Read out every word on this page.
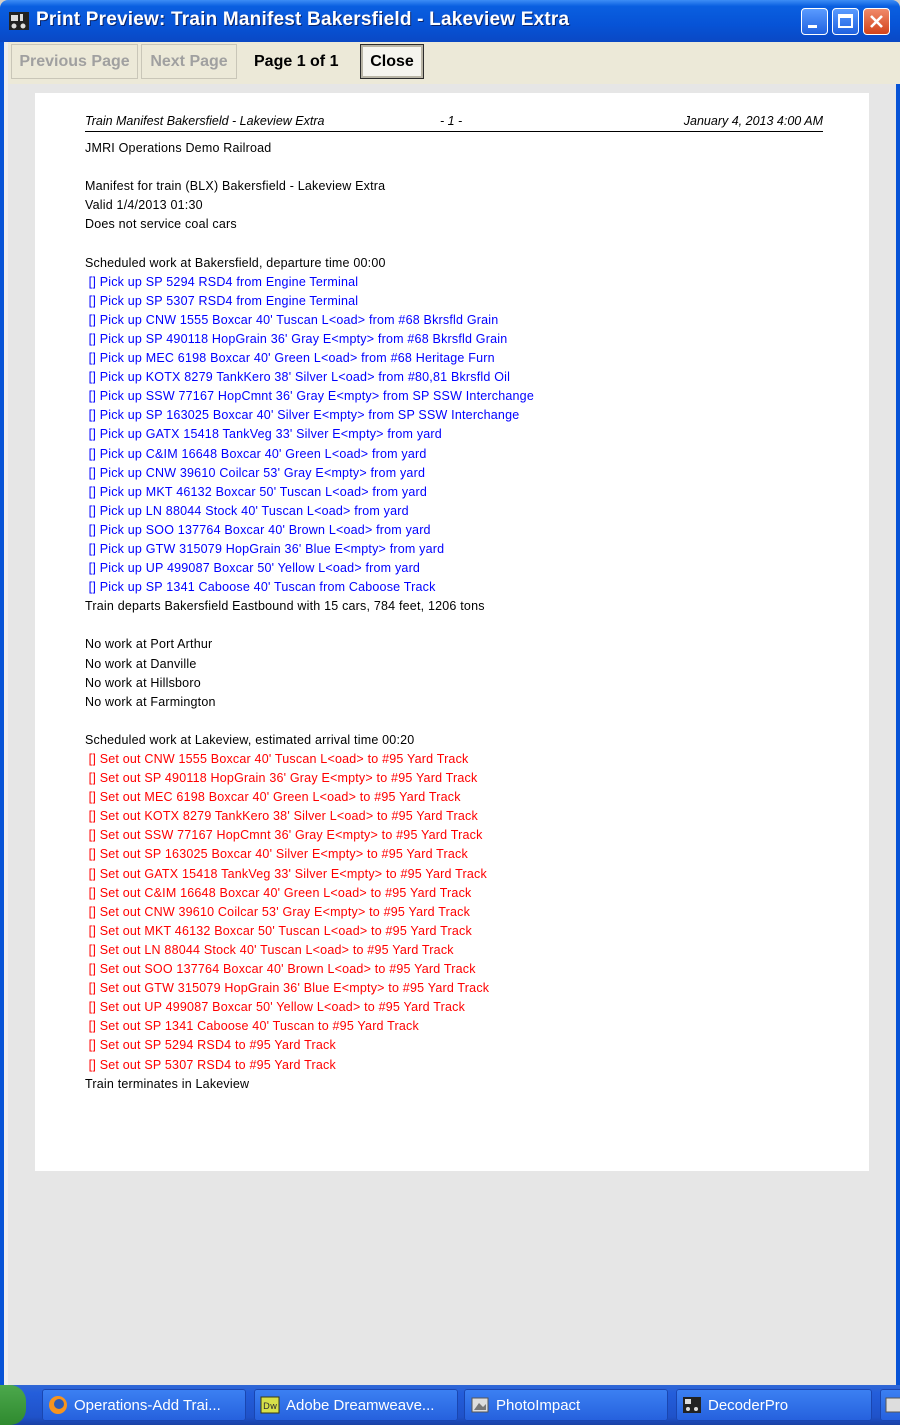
Print Preview: Train Manifest Bakersfield - Lakeview Extra
Previous Page	Next Page	Page 1 of 1	Close
Train Manifest Bakersfield - Lakeview Extra	- 1 -	January 4, 2013 4:00 AM
JMRI Operations Demo Railroad
Manifest for train (BLX) Bakersfield - Lakeview Extra
Valid 1/4/2013 01:30
Does not service coal cars
Scheduled work at Bakersfield, departure time 00:00
[] Pick up SP 5294 RSD4 from Engine Terminal
[] Pick up SP 5307 RSD4 from Engine Terminal
[] Pick up CNW 1555 Boxcar 40' Tuscan L<oad> from #68 Bkrsfld Grain
[] Pick up SP 490118 HopGrain 36' Gray E<mpty> from #68 Bkrsfld Grain
[] Pick up MEC 6198 Boxcar 40' Green L<oad> from #68 Heritage Furn
[] Pick up KOTX 8279 TankKero 38' Silver L<oad> from #80,81 Bkrsfld Oil
[] Pick up SSW 77167 HopCmnt 36' Gray E<mpty> from SP SSW Interchange
[] Pick up SP 163025 Boxcar 40' Silver E<mpty> from SP SSW Interchange
[] Pick up GATX 15418 TankVeg 33' Silver E<mpty> from yard
[] Pick up C&IM 16648 Boxcar 40' Green L<oad> from yard
[] Pick up CNW 39610 Coilcar 53' Gray E<mpty> from yard
[] Pick up MKT 46132 Boxcar 50' Tuscan L<oad> from yard
[] Pick up LN 88044 Stock 40' Tuscan L<oad> from yard
[] Pick up SOO 137764 Boxcar 40' Brown L<oad> from yard
[] Pick up GTW 315079 HopGrain 36' Blue E<mpty> from yard
[] Pick up UP 499087 Boxcar 50' Yellow L<oad> from yard
[] Pick up SP 1341 Caboose 40' Tuscan from Caboose Track
Train departs Bakersfield Eastbound with 15 cars, 784 feet, 1206 tons
No work at Port Arthur
No work at Danville
No work at Hillsboro
No work at Farmington
Scheduled work at Lakeview, estimated arrival time 00:20
[] Set out CNW 1555 Boxcar 40' Tuscan L<oad> to #95 Yard Track
[] Set out SP 490118 HopGrain 36' Gray E<mpty> to #95 Yard Track
[] Set out MEC 6198 Boxcar 40' Green L<oad> to #95 Yard Track
[] Set out KOTX 8279 TankKero 38' Silver L<oad> to #95 Yard Track
[] Set out SSW 77167 HopCmnt 36' Gray E<mpty> to #95 Yard Track
[] Set out SP 163025 Boxcar 40' Silver E<mpty> to #95 Yard Track
[] Set out GATX 15418 TankVeg 33' Silver E<mpty> to #95 Yard Track
[] Set out C&IM 16648 Boxcar 40' Green L<oad> to #95 Yard Track
[] Set out CNW 39610 Coilcar 53' Gray E<mpty> to #95 Yard Track
[] Set out MKT 46132 Boxcar 50' Tuscan L<oad> to #95 Yard Track
[] Set out LN 88044 Stock 40' Tuscan L<oad> to #95 Yard Track
[] Set out SOO 137764 Boxcar 40' Brown L<oad> to #95 Yard Track
[] Set out GTW 315079 HopGrain 36' Blue E<mpty> to #95 Yard Track
[] Set out UP 499087 Boxcar 50' Yellow L<oad> to #95 Yard Track
[] Set out SP 1341 Caboose 40' Tuscan to #95 Yard Track
[] Set out SP 5294 RSD4 to #95 Yard Track
[] Set out SP 5307 RSD4 to #95 Yard Track
Train terminates in Lakeview
Operations-Add Trai...	Dw Adobe Dreamweave...	PhotoImpact	DecoderPro
